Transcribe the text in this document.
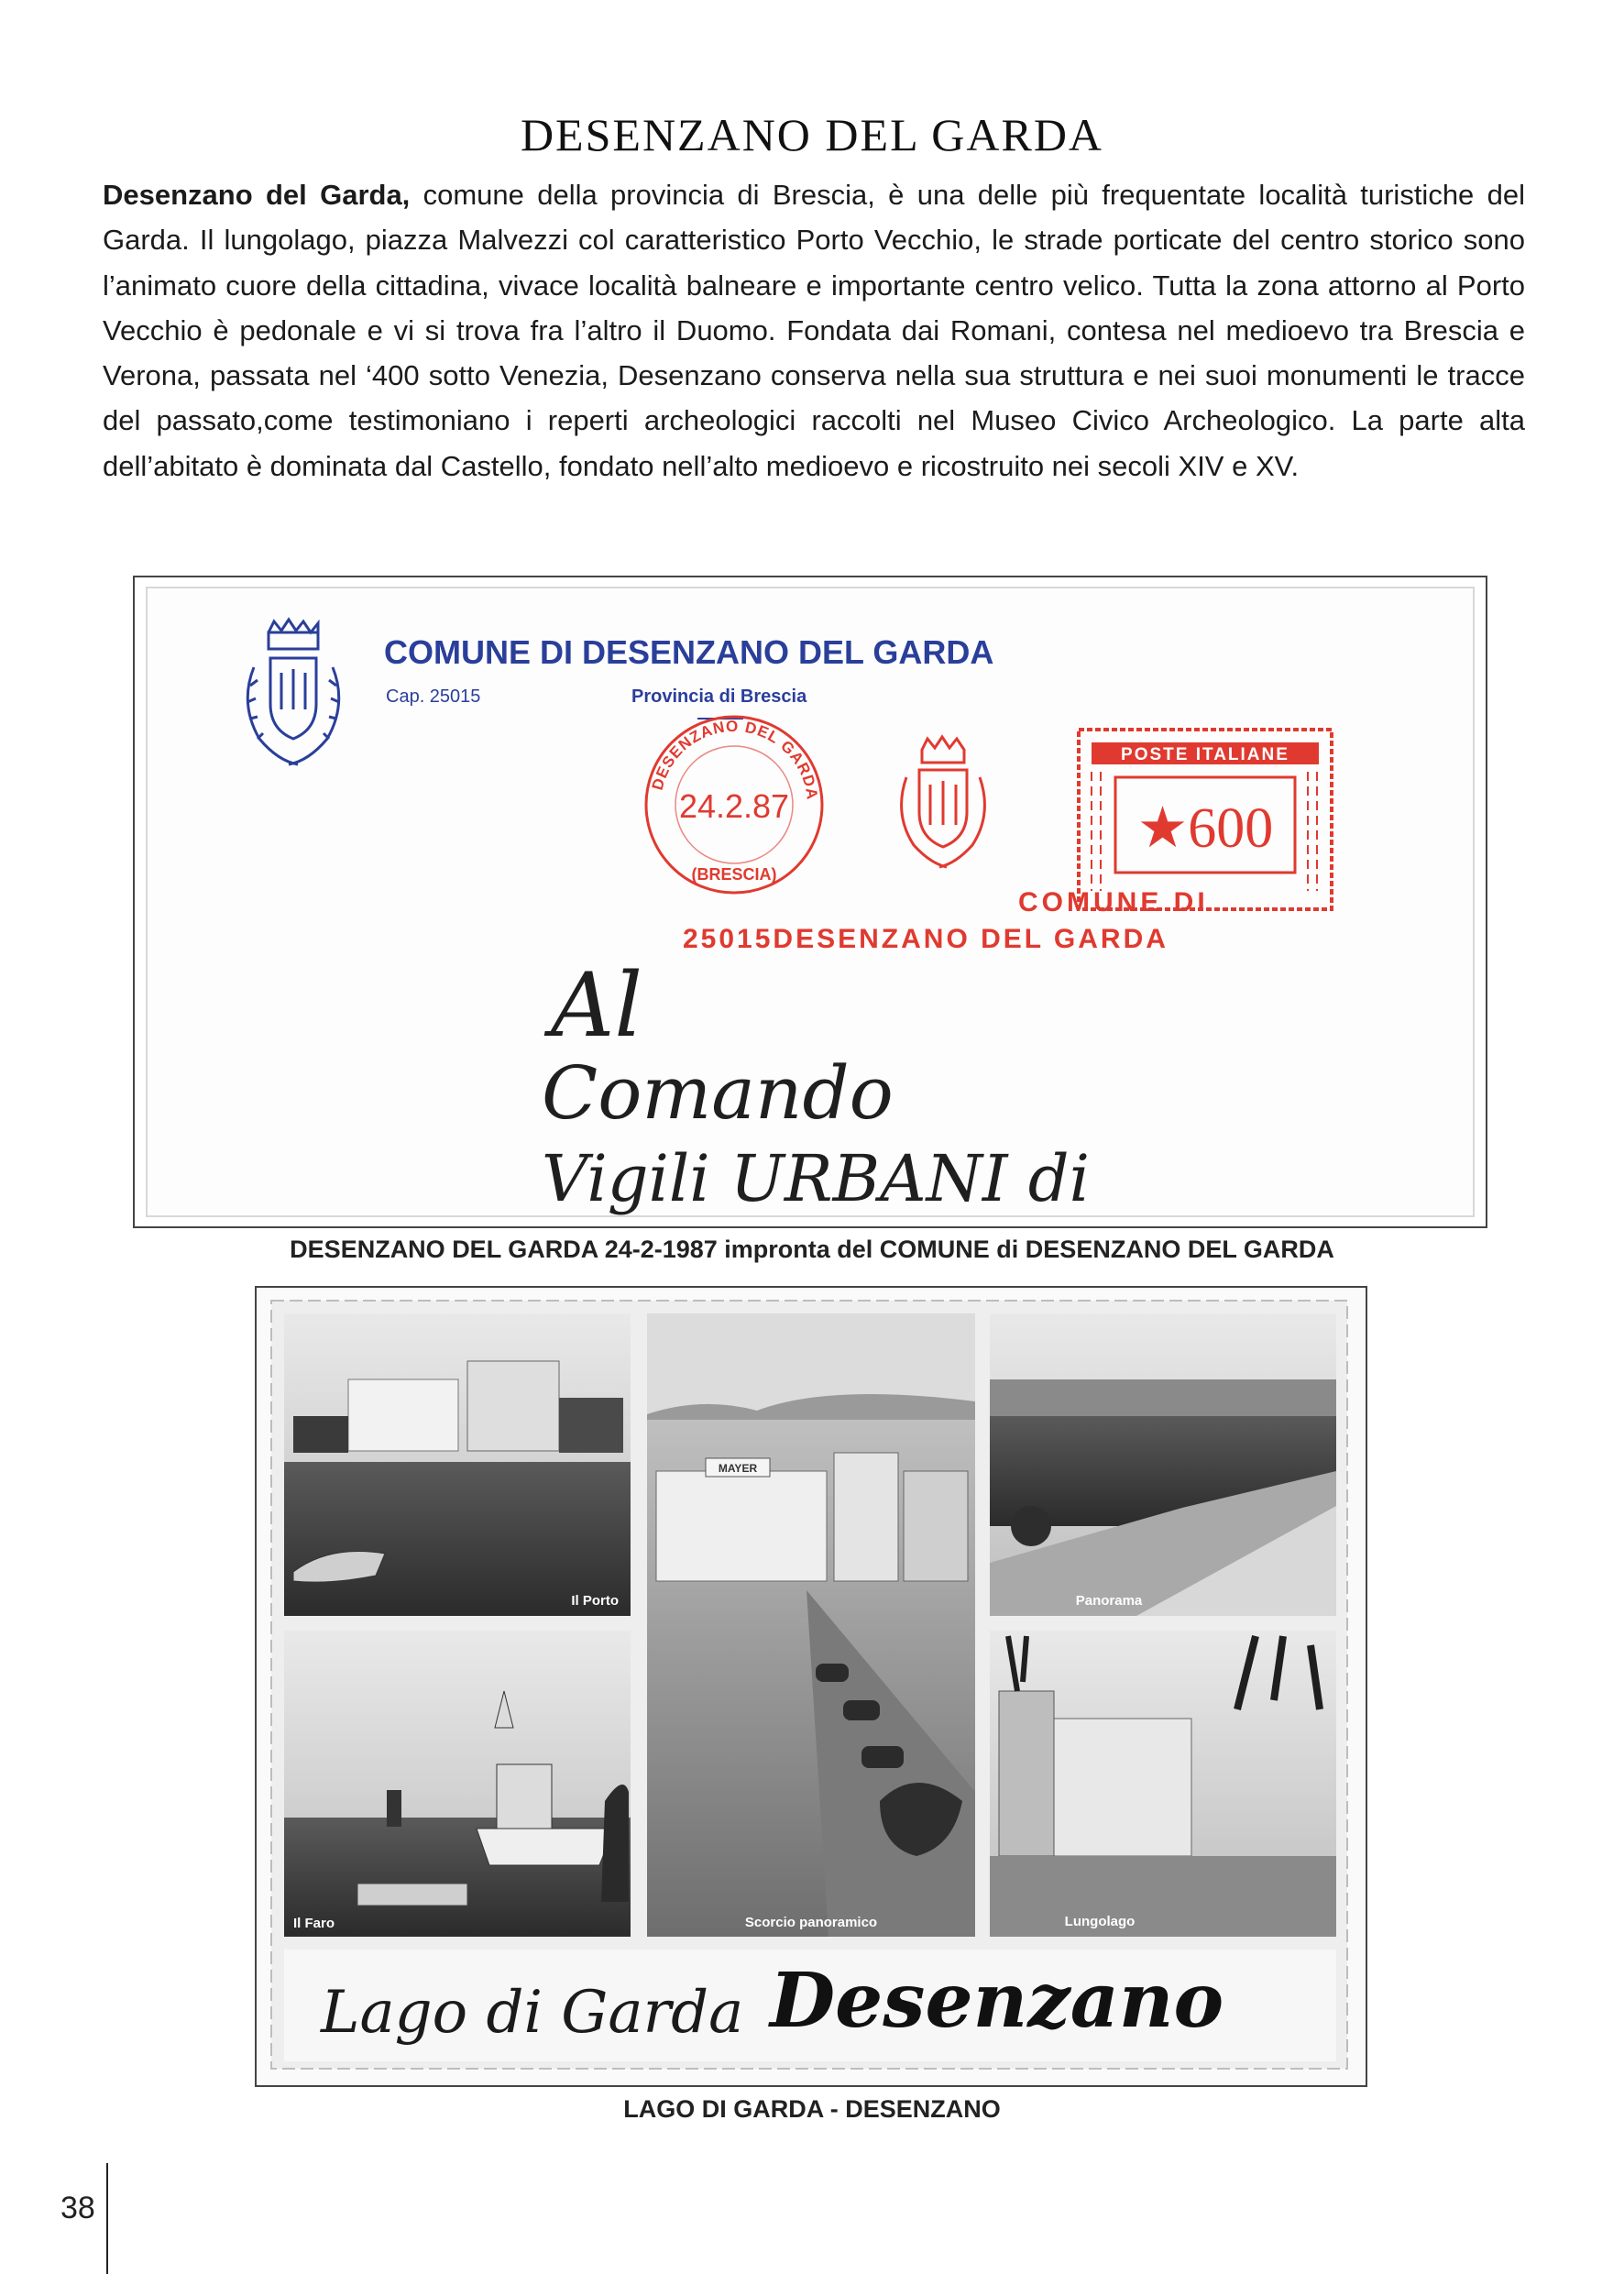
DESENZANO DEL GARDA
Desenzano del Garda, comune della provincia di Brescia, è una delle più frequentate località turistiche del Garda. Il lungolago, piazza Malvezzi col caratteristico Porto Vecchio, le strade porticate del centro storico sono l’animato cuore della cittadina, vivace località balneare e importante centro velico. Tutta la zona attorno al Porto Vecchio è pedonale e vi si trova fra l’altro il Duomo. Fondata dai Romani, contesa nel medioevo tra Brescia e Verona, passata nel ‘400 sotto Venezia, Desenzano conserva nella sua struttura e nei suoi monumenti le tracce del passato,come testimoniano i reperti archeologici raccolti nel Museo Civico Archeologico. La parte alta dell’abitato è dominata dal Castello, fondato nell’alto medioevo e ricostruito nei secoli XIV e XV.
COMUNE DI DESENZANO DEL GARDA
Cap. 25015	Provincia di Brescia
DESENZANO DEL GARDA
24.2.87
(BRESCIA)
POSTE ITALIANE
★600
COMUNE DI
25015DESENZANO DEL GARDA
Al
Comando
Vigili URBANI di
DESENZANO DEL GARDA 24-2-1987 impronta del COMUNE di DESENZANO DEL GARDA
Il Porto
MAYER
Scorcio panoramico
Panorama
Il Faro	Lungolago
Lago di Garda Desenzano
LAGO DI GARDA - DESENZANO
38
